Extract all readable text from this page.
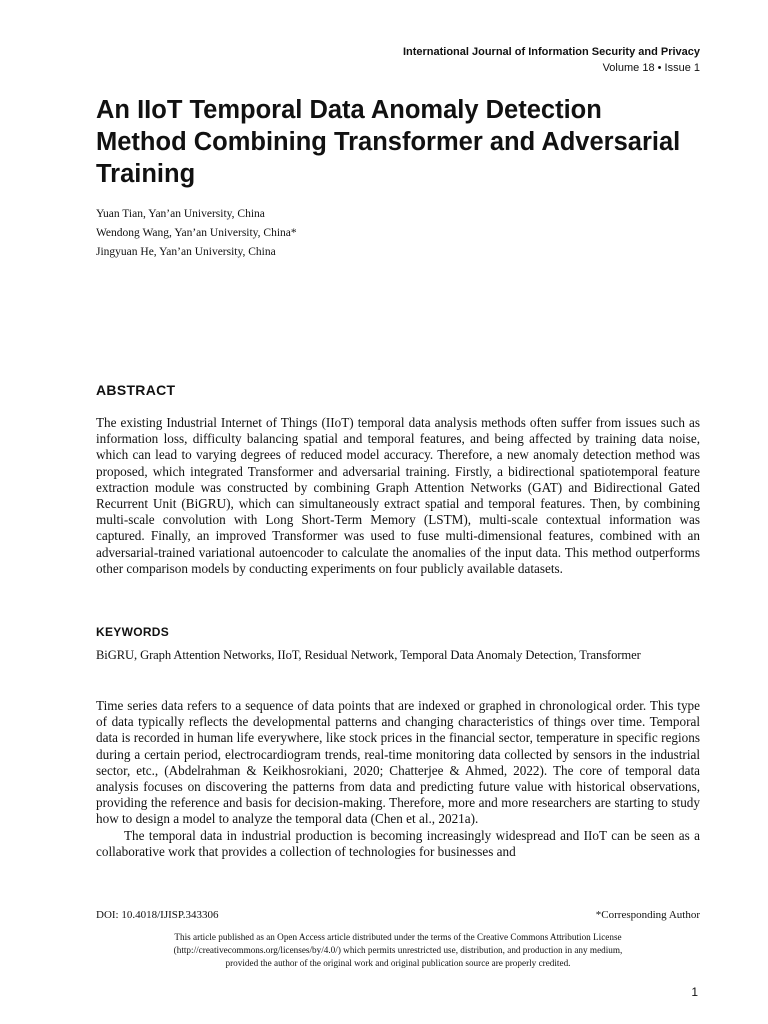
International Journal of Information Security and Privacy
Volume 18 • Issue 1
An IIoT Temporal Data Anomaly Detection Method Combining Transformer and Adversarial Training
Yuan Tian, Yan’an University, China
Wendong Wang, Yan’an University, China*
Jingyuan He, Yan’an University, China
ABSTRACT

The existing Industrial Internet of Things (IIoT) temporal data analysis methods often suffer from issues such as information loss, difficulty balancing spatial and temporal features, and being affected by training data noise, which can lead to varying degrees of reduced model accuracy. Therefore, a new anomaly detection method was proposed, which integrated Transformer and adversarial training. Firstly, a bidirectional spatiotemporal feature extraction module was constructed by combining Graph Attention Networks (GAT) and Bidirectional Gated Recurrent Unit (BiGRU), which can simultaneously extract spatial and temporal features. Then, by combining multi-scale convolution with Long Short-Term Memory (LSTM), multi-scale contextual information was captured. Finally, an improved Transformer was used to fuse multi-dimensional features, combined with an adversarial-trained variational autoencoder to calculate the anomalies of the input data. This method outperforms other comparison models by conducting experiments on four publicly available datasets.

KEYWORDS

BiGRU, Graph Attention Networks, IIoT, Residual Network, Temporal Data Anomaly Detection, Transformer

Time series data refers to a sequence of data points that are indexed or graphed in chronological order. This type of data typically reflects the developmental patterns and changing characteristics of things over time. Temporal data is recorded in human life everywhere, like stock prices in the financial sector, temperature in specific regions during a certain period, electrocardiogram trends, real-time monitoring data collected by sensors in the industrial sector, etc., (Abdelrahman & Keikhosrokiani, 2020; Chatterjee & Ahmed, 2022). The core of temporal data analysis focuses on discovering the patterns from data and predicting future value with historical observations, providing the reference and basis for decision-making. Therefore, more and more researchers are starting to study how to design a model to analyze the temporal data (Chen et al., 2021a).

The temporal data in industrial production is becoming increasingly widespread and IIoT can be seen as a collaborative work that provides a collection of technologies for businesses and

DOI: 10.4018/IJISP.343306	*Corresponding Author
This article published as an Open Access article distributed under the terms of the Creative Commons Attribution License
(http://creativecommons.org/licenses/by/4.0/) which permits unrestricted use, distribution, and production in any medium,
provided the author of the original work and original publication source are properly credited.
1
